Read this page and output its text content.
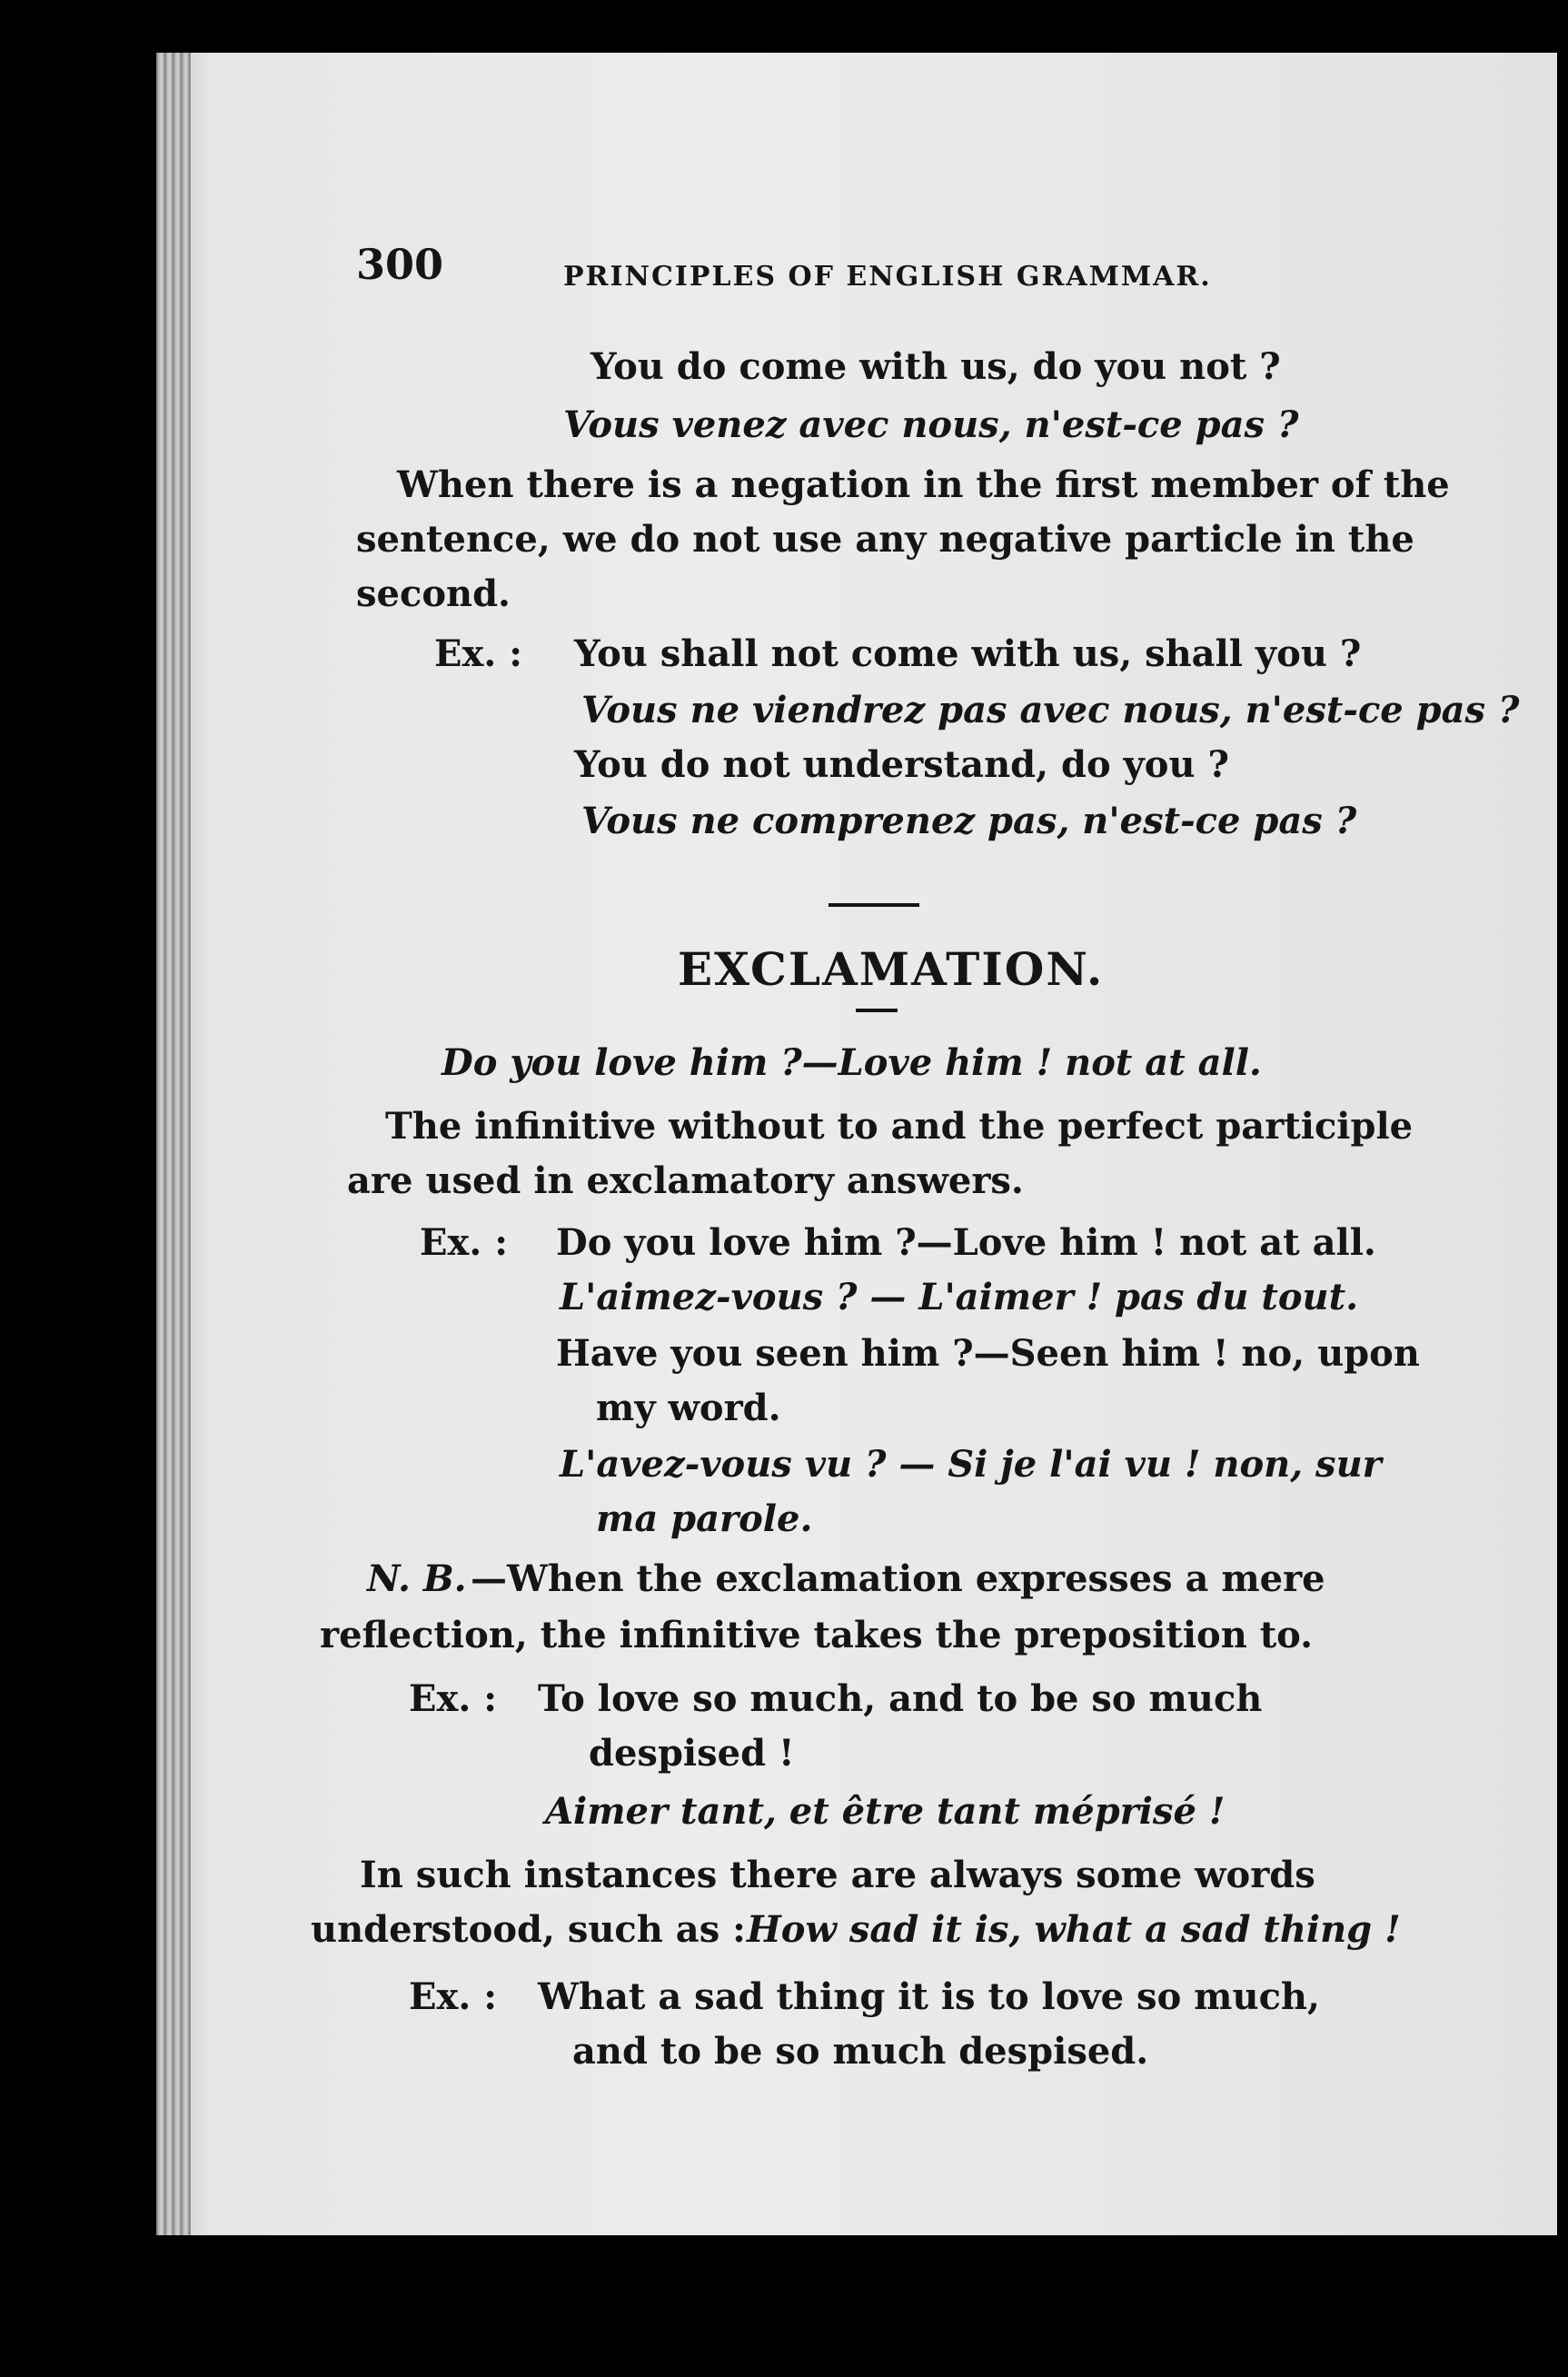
300	PRINCIPLES OF ENGLISH GRAMMAR.
You do come with us, do you not ?
Vous venez avec nous, n'est-ce pas ?
When there is a negation in the first member of the
sentence, we do not use any negative particle in the
second.
Ex. : You shall not come with us, shall you ?
Vous ne viendrez pas avec nous, n'est-ce pas ?
You do not understand, do you ?
Vous ne comprenez pas, n'est-ce pas ?
EXCLAMATION.
Do you love him ?—Love him ! not at all.
The infinitive without to and the perfect participle
are used in exclamatory answers.
Ex. : Do you love him ?—Love him ! not at all.
L'aimez-vous ? — L'aimer ! pas du tout.
Have you seen him ?—Seen him ! no, upon
my word.
L'avez-vous vu ? — Si je l'ai vu ! non, sur
ma parole.
N. B. —When the exclamation expresses a mere
reflection, the infinitive takes the preposition to.
Ex. : To love so much, and to be so much
despised !
Aimer tant, et être tant méprisé !
In such instances there are always some words
understood, such as : How sad it is, what a sad thing !
Ex. : What a sad thing it is to love so much,
and to be so much despised.
